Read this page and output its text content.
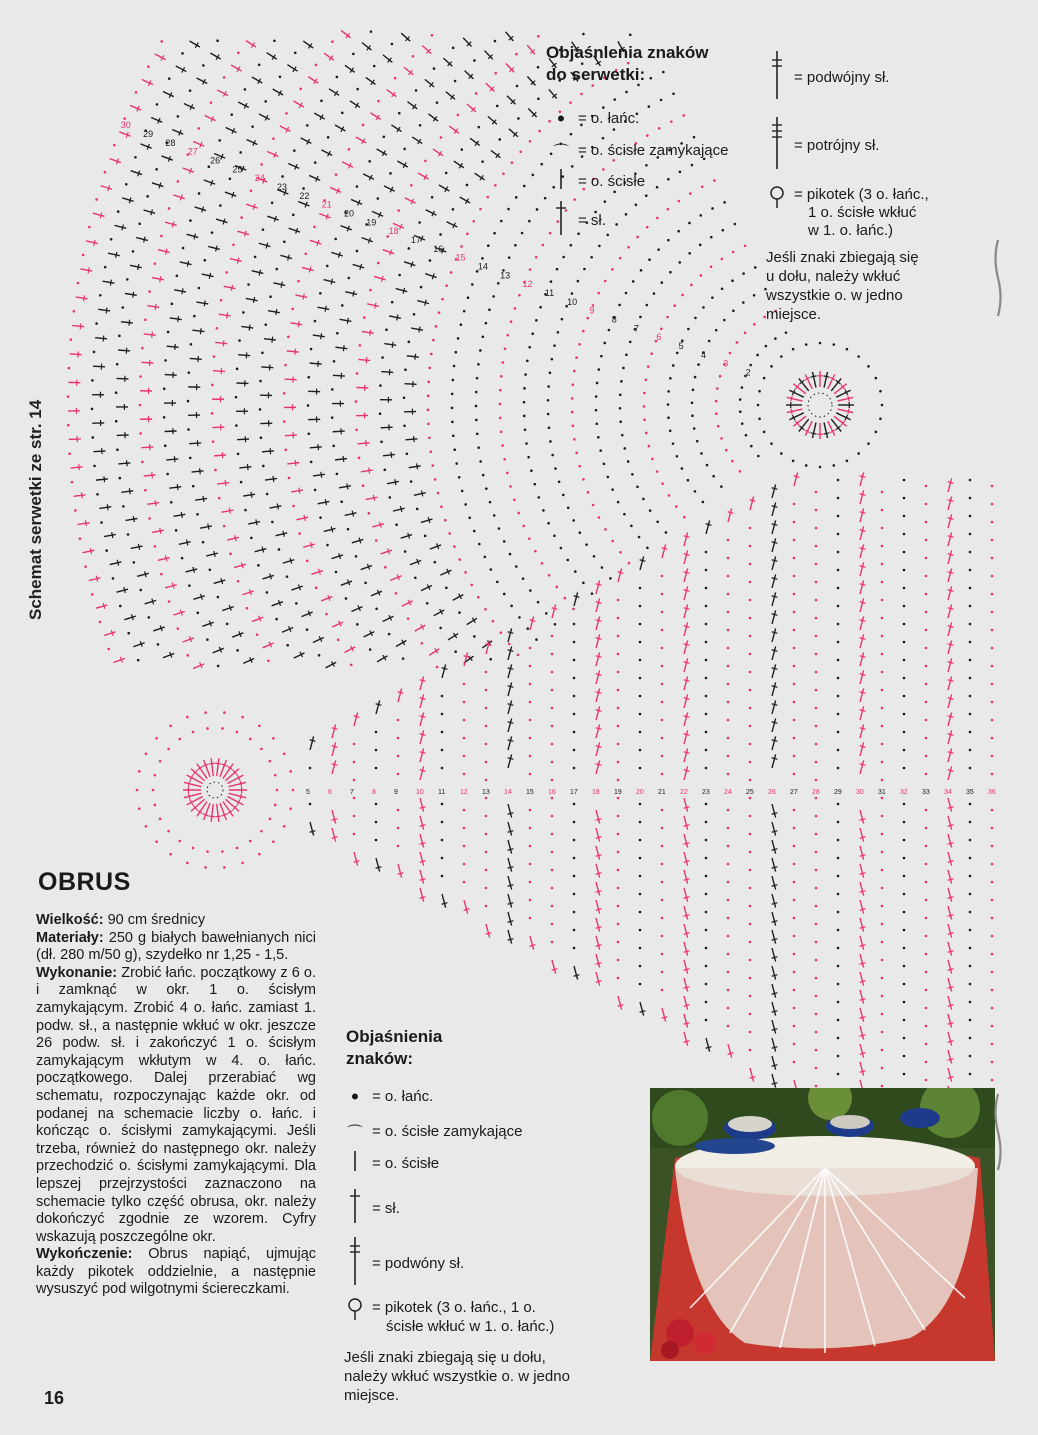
2
3
4
5
6
7
8
9
10
11
12
13
14
15
16
17
18
19
20
21
22
23
24
25
26
27
28
29
30
5	6	7	8	9	10 11 12 13 14 15 16 17 18 19 20 21 22 23 24 25 26 27 28 29 30 31 32 33 34 35 36
Schemat serwetki ze str. 14
Objaśnienia znaków
do serwetki:
• = o. łańc.
⌒ = o. ścisłe zamykające
= o. ścisłe
= sł.
= podwójny sł.
= potrójny sł.
= pikotek (3 o. łańc.,
1 o. ścisłe wkłuć
w 1. o. łańc.)
Jeśli znaki zbiegają się
u dołu, należy wkłuć
wszystkie o. w jedno
miejsce.
OBRUS
Wielkość: 90 cm średnicy
Materiały: 250 g białych bawełnianych nici (dł. 280 m/50 g), szydełko nr 1,25 - 1,5.
Wykonanie: Zrobić łańc. początkowy z 6 o. i zamknąć w okr. 1 o. ścisłym zamykającym. Zrobić 4 o. łańc. zamiast 1. podw. sł., a następnie wkłuć w okr. jeszcze 26 podw. sł. i zakończyć 1 o. ścisłym zamykającym wkłutym w 4. o. łańc. początkowego. Dalej przerabiać wg schematu, rozpoczynając każde okr. od podanej na schemacie liczby o. łańc. i kończąc o. ścisłymi zamykającymi. Jeśli trzeba, również do następnego okr. należy przechodzić o. ścisłymi zamykającymi. Dla lepszej przejrzystości zaznaczono na schemacie tylko część obrusa, okr. należy dokończyć zgodnie ze wzorem. Cyfry wskazują poszczególne okr.
Wykończenie: Obrus napiąć, ujmując każdy pikotek oddzielnie, a następnie wysuszyć pod wilgotnymi ściereczkami.
Objaśnienia
znaków:
• = o. łańc.
⌒ = o. ścisłe zamykające
= o. ścisłe
= sł.
= podwóny sł.
= pikotek (3 o. łańc., 1 o.
ścisłe wkłuć w 1. o. łańc.)
Jeśli znaki zbiegają się u dołu,
należy wkłuć wszystkie o. w jedno
miejsce.
16
